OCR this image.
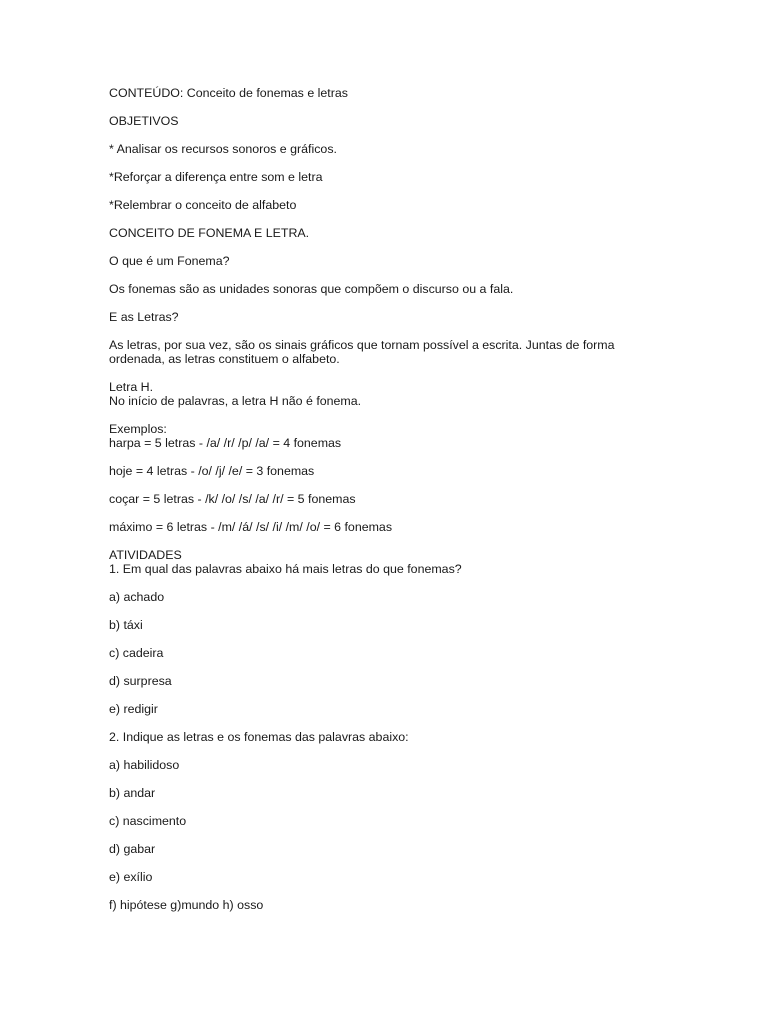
CONTEÚDO: Conceito de fonemas e letras
OBJETIVOS
* Analisar os recursos sonoros e gráficos.
*Reforçar a diferença entre som e letra
*Relembrar o conceito de alfabeto
CONCEITO DE FONEMA E LETRA.
O que é um Fonema?
Os fonemas são as unidades sonoras que compõem o discurso ou a fala.
E as Letras?
As letras, por sua vez, são os sinais gráficos que tornam possível a escrita. Juntas de forma
ordenada, as letras constituem o alfabeto.
Letra H.
No início de palavras, a letra H não é fonema.
Exemplos:
harpa = 5 letras - /a/ /r/ /p/ /a/ = 4 fonemas
hoje = 4 letras - /o/ /j/ /e/ = 3 fonemas
coçar = 5 letras - /k/ /o/ /s/ /a/ /r/ = 5 fonemas
máximo = 6 letras - /m/ /á/ /s/ /i/ /m/ /o/ = 6 fonemas
ATIVIDADES
1. Em qual das palavras abaixo há mais letras do que fonemas?
a) achado
b) táxi
c) cadeira
d) surpresa
e) redigir
2. Indique as letras e os fonemas das palavras abaixo:
a) habilidoso
b) andar
c) nascimento
d) gabar
e) exílio
f) hipótese g)mundo h) osso
